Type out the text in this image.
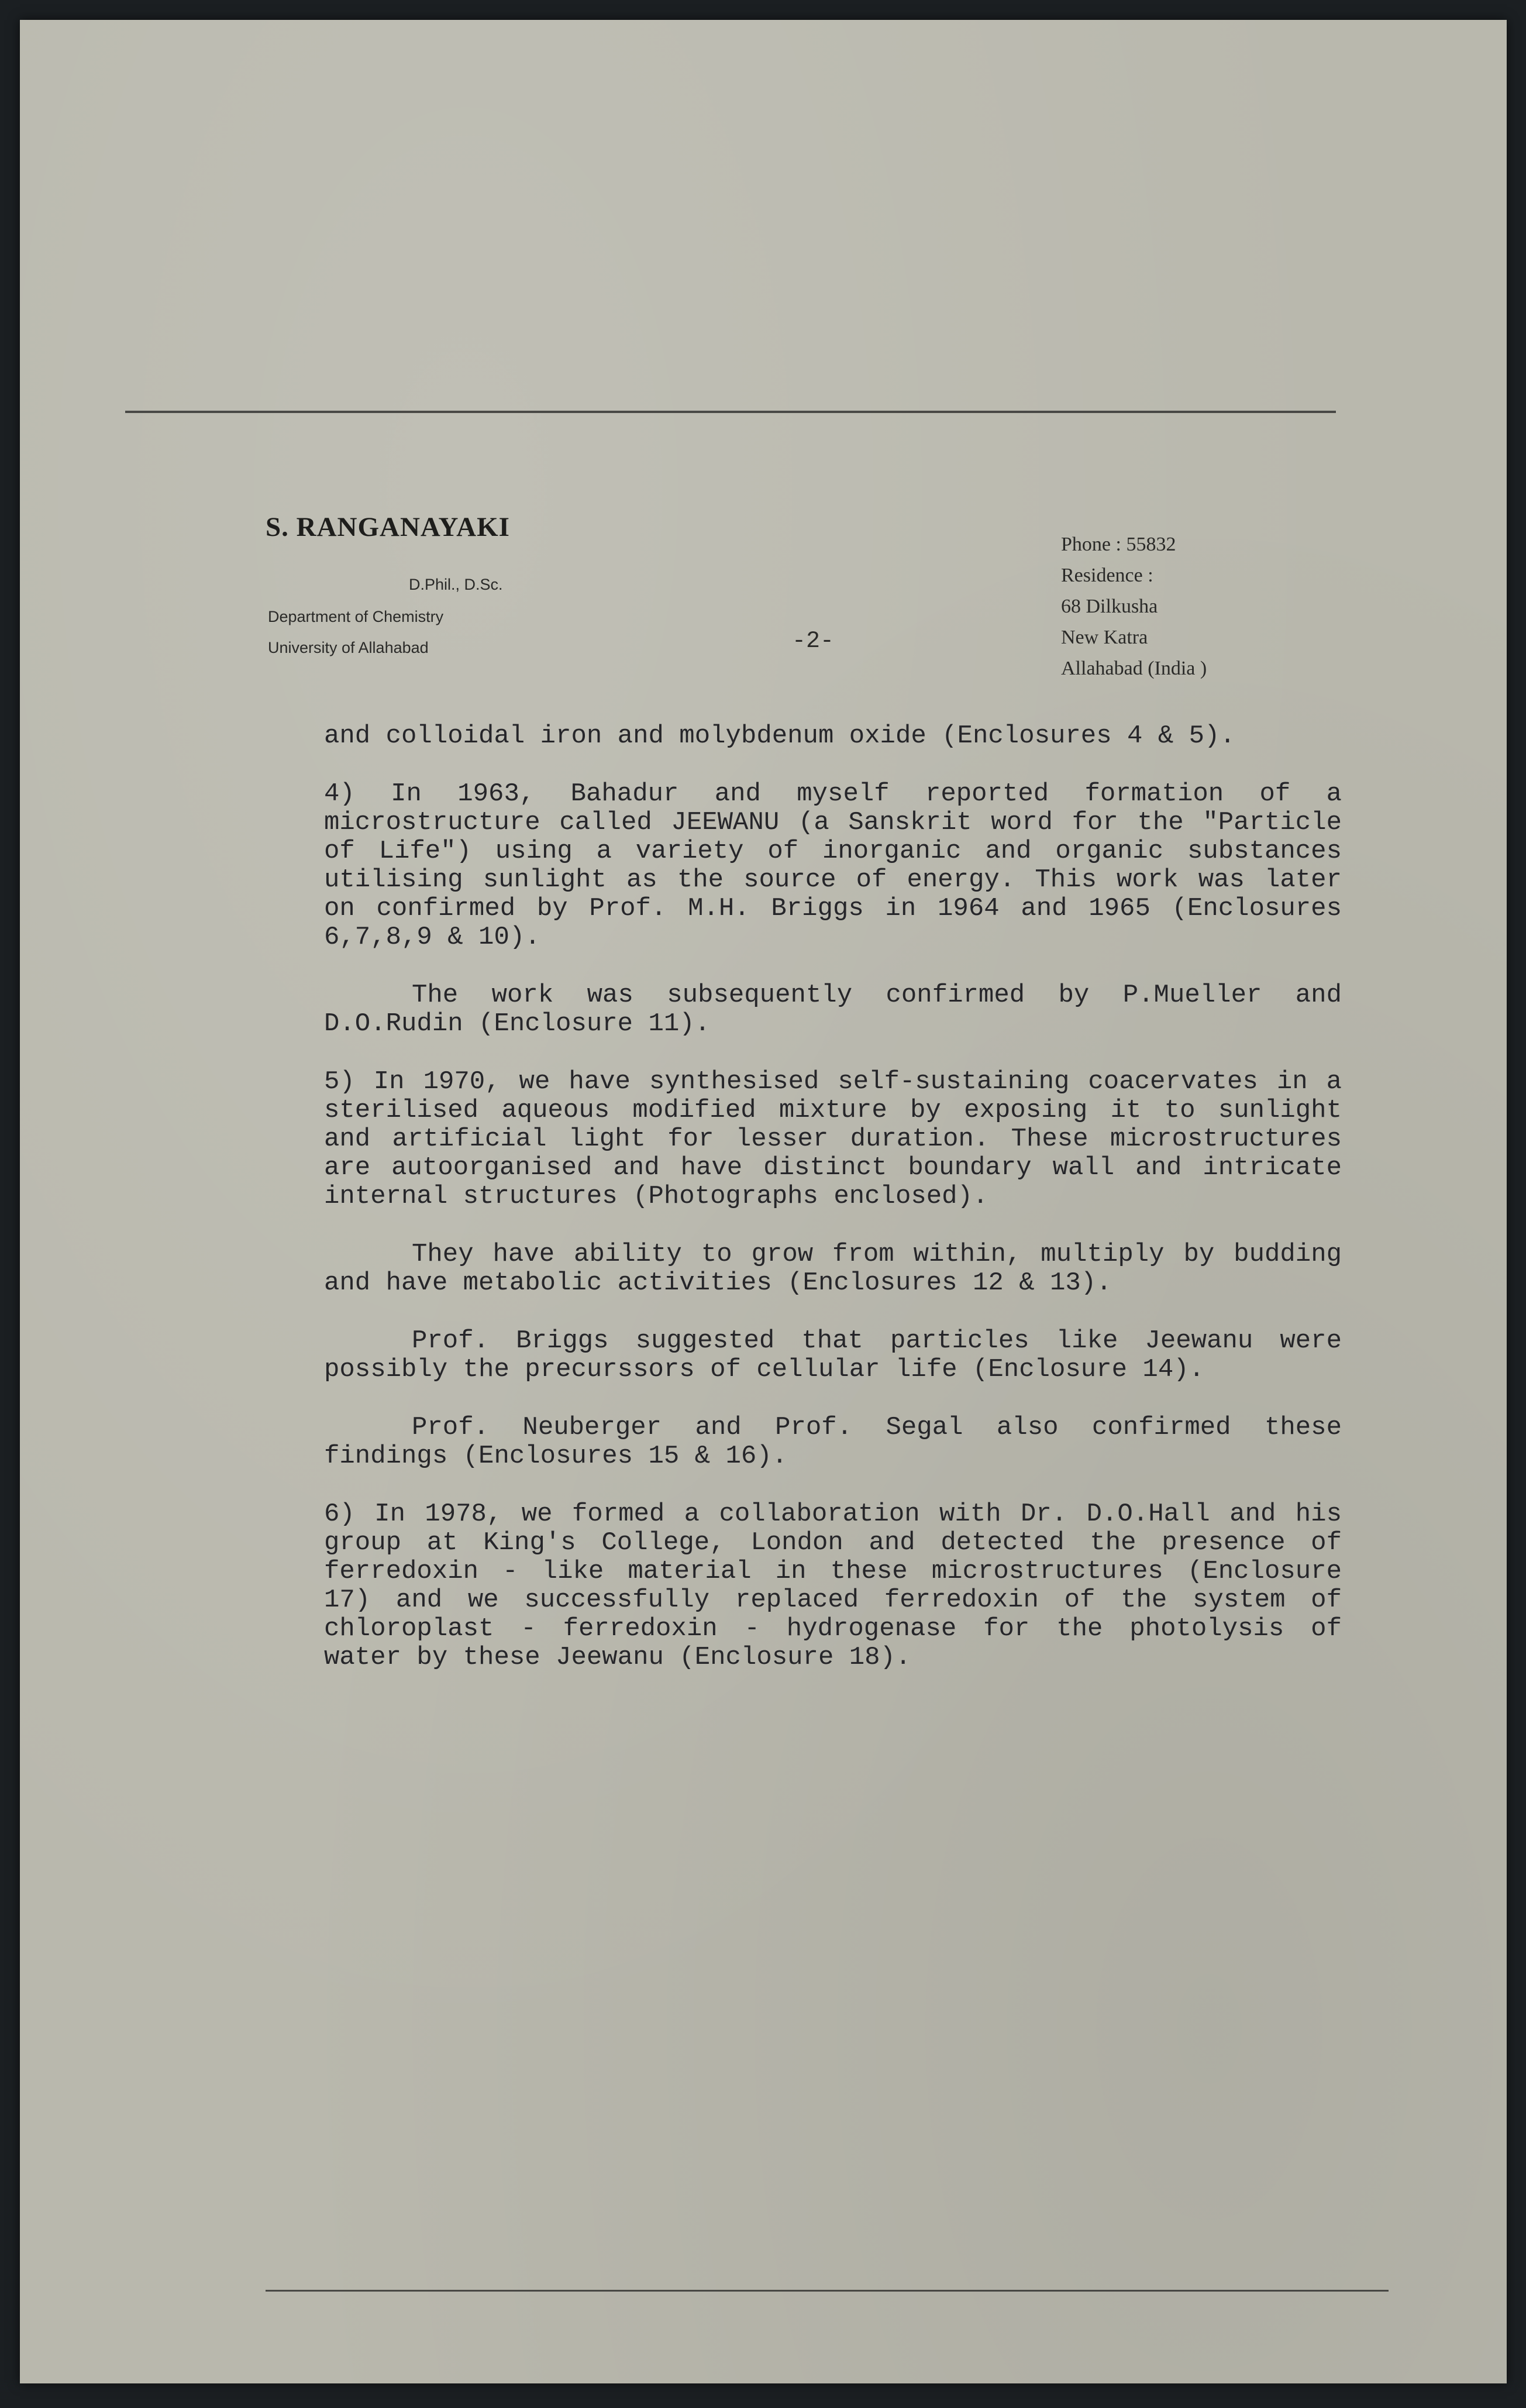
S. RANGANAYAKI
D.Phil., D.Sc.
Department of Chemistry
University of Allahabad	-2-
Phone : 55832
Residence :
68 Dilkusha
New Katra
Allahabad (India )

and colloidal iron and molybdenum oxide (Enclosures 4 & 5).

4) In 1963, Bahadur and myself reported formation of a microstructure called JEEWANU (a Sanskrit word for the "Particle of Life") using a variety of inorganic and organic substances utilising sunlight as the source of energy. This work was later on confirmed by Prof. M.H. Briggs in 1964 and 1965 (Enclosures 6,7,8,9 & 10).

The work was subsequently confirmed by P.Mueller and D.O.Rudin (Enclosure 11).

5) In 1970, we have synthesised self-sustaining coacervates in a sterilised aqueous modified mixture by exposing it to sunlight and artificial light for lesser duration. These microstructures are autoorganised and have distinct boundary wall and intricate internal structures (Photographs enclosed).

They have ability to grow from within, multiply by budding and have metabolic activities (Enclosures 12 & 13).

Prof. Briggs suggested that particles like Jeewanu were possibly the precurssors of cellular life (Enclosure 14).

Prof. Neuberger and Prof. Segal also confirmed these findings (Enclosures 15 & 16).

6) In 1978, we formed a collaboration with Dr. D.O.Hall and his group at King's College, London and detected the presence of ferredoxin - like material in these microstructures (Enclosure 17) and we successfully replaced ferredoxin of the system of chloroplast - ferredoxin - hydrogenase for the photolysis of water by these Jeewanu (Enclosure 18).
